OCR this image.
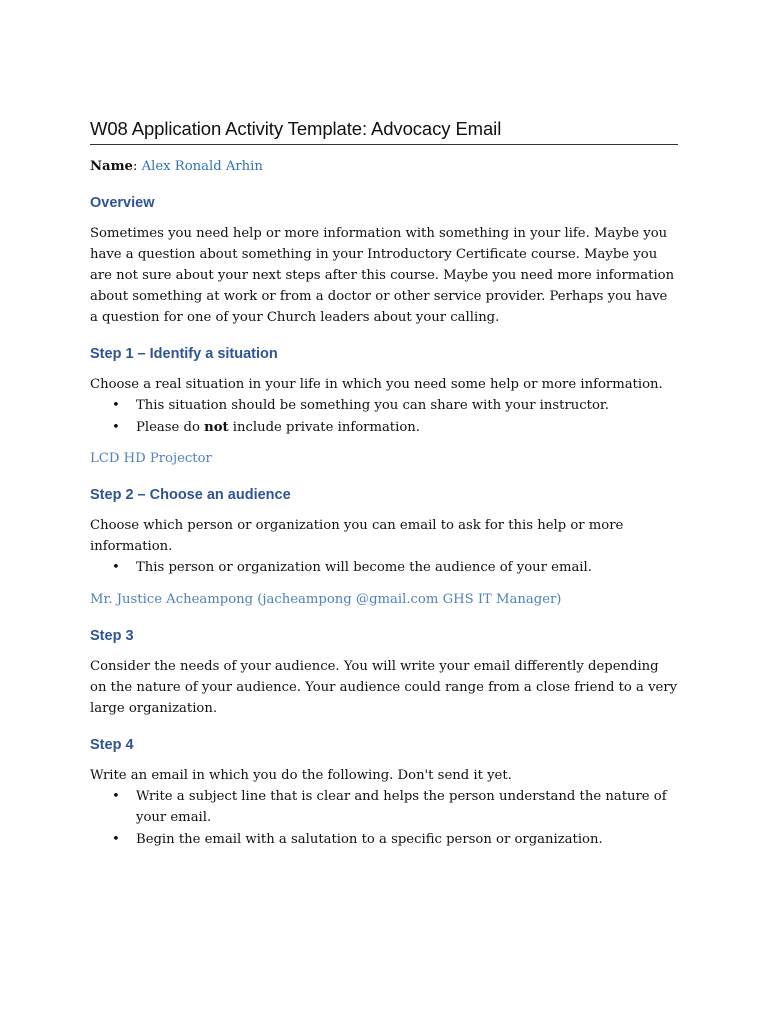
W08 Application Activity Template: Advocacy Email
Name: Alex Ronald Arhin
Overview

Sometimes you need help or more information with something in your life. Maybe you have a question about something in your Introductory Certificate course. Maybe you are not sure about your next steps after this course. Maybe you need more information about something at work or from a doctor or other service provider. Perhaps you have a question for one of your Church leaders about your calling.

Step 1 – Identify a situation

Choose a real situation in your life in which you need some help or more information.

• This situation should be something you can share with your instructor.
• Please do not include private information.
LCD HD Projector
Step 2 – Choose an audience

Choose which person or organization you can email to ask for this help or more information.

• This person or organization will become the audience of your email.
Mr. Justice Acheampong (jacheampong @gmail.com GHS IT Manager)
Step 3

Consider the needs of your audience. You will write your email differently depending on the nature of your audience. Your audience could range from a close friend to a very large organization.

Step 4

Write an email in which you do the following. Don't send it yet.

• Write a subject line that is clear and helps the person understand the nature of your email.
• Begin the email with a salutation to a specific person or organization.
